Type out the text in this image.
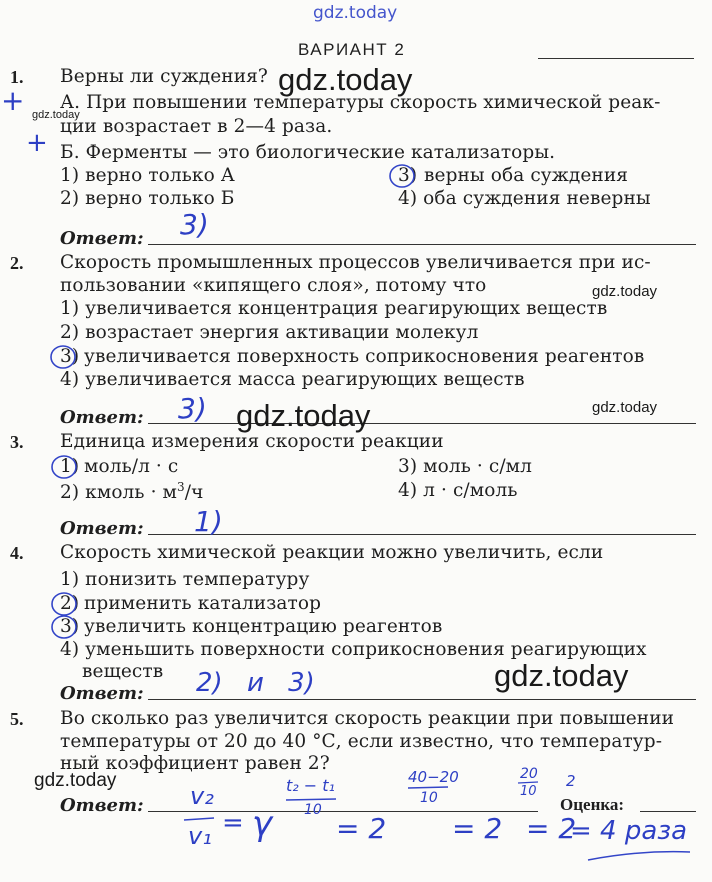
gdz.today
ВАРИАНТ 2
1. Верны ли суждения? gdz.today
+ gdz.today
А. При повышении температуры скорость химической реак-
ции возрастает в 2—4 раза.
+ Б. Ферменты — это биологические катализаторы.
1) верно только А	3) верны оба суждения
2) верно только Б	4) оба суждения неверны
Ответ: 3)
2. Скорость промышленных процессов увеличивается при ис-
пользовании «кипящего слоя», потому что	gdz.today
1) увеличивается концентрация реагирующих веществ
2) возрастает энергия активации молекул
3) увеличивается поверхность соприкосновения реагентов
4) увеличивается масса реагирующих веществ
Ответ: 3) gdz.today	gdz.today
3. Единица измерения скорости реакции
1) моль/л · с	3) моль · с/мл
2) кмоль · $м^3/ч$	4) л · с/моль
Ответ: 1)
4. Скорость химической реакции можно увеличить, если
1) понизить температуру
2) применить катализатор
3) увеличить концентрацию реагентов
4) уменьшить поверхности соприкосновения реагирующих
веществ	gdz.today
Ответ: 2) и 3)
5. Во сколько раз увеличится скорость реакции при повышении
температуры от 20 до 40 °С, если известно, что температур-
ный коэффициент равен 2?
gdz.today
Ответ:	Оценка:
v₂
v₁ = γ
t₂ − t₁
10
= 2
40−20
10
= 2
20
10
2
= 2
= 4 раза
